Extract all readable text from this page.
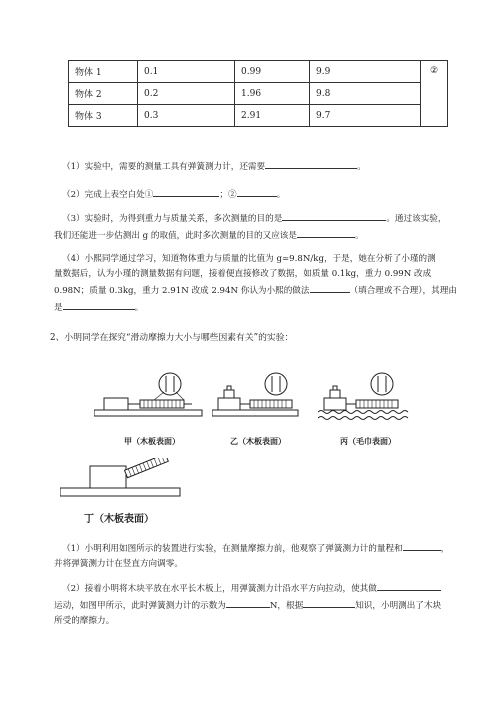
物体 1	0.1	0.99	9.9	②
物体 2	0.2	1.96	9.8	
物体 3	0.3	2.91	9.7	
（1）实验中，需要的测量工具有弹簧测力计，还需要	。
（2）完成上表空白处①	；②	。
（3）实验时，为得到重力与质量关系，多次测量的目的是	。通过该实验，
我们还能进一步估测出 g 的取值，此时多次测量的目的又应该是	。
（4）小熙同学通过学习，知道物体重力与质量的比值为 g=9.8N/kg，于是，她在分析了小瑾的测
量数据后，认为小瑾的测量数据有问题，接着便直接修改了数据，如质量 0.1kg，重力 0.99N 改成
0.98N；质量 0.3kg，重力 2.91N 改成 2.94N 你认为小熙的做法	（填合理或不合理），其理由
是	。
2、小明同学在探究“滑动摩擦力大小与哪些因素有关”的实验：
甲（木板表面）	乙（木板表面）	丙（毛巾表面）
丁（木板表面）
（1）小明利用如图所示的装置进行实验，在测量摩擦力前，他观察了弹簧测力计的量程和	，
并将弹簧测力计在竖直方向调零。
（2）接着小明将木块平放在水平长木板上，用弹簧测力计沿水平方向拉动，使其做
运动，如图甲所示，此时弹簧测力计的示数为	N，根据	知识，小明测出了木块
所受的摩擦力。
